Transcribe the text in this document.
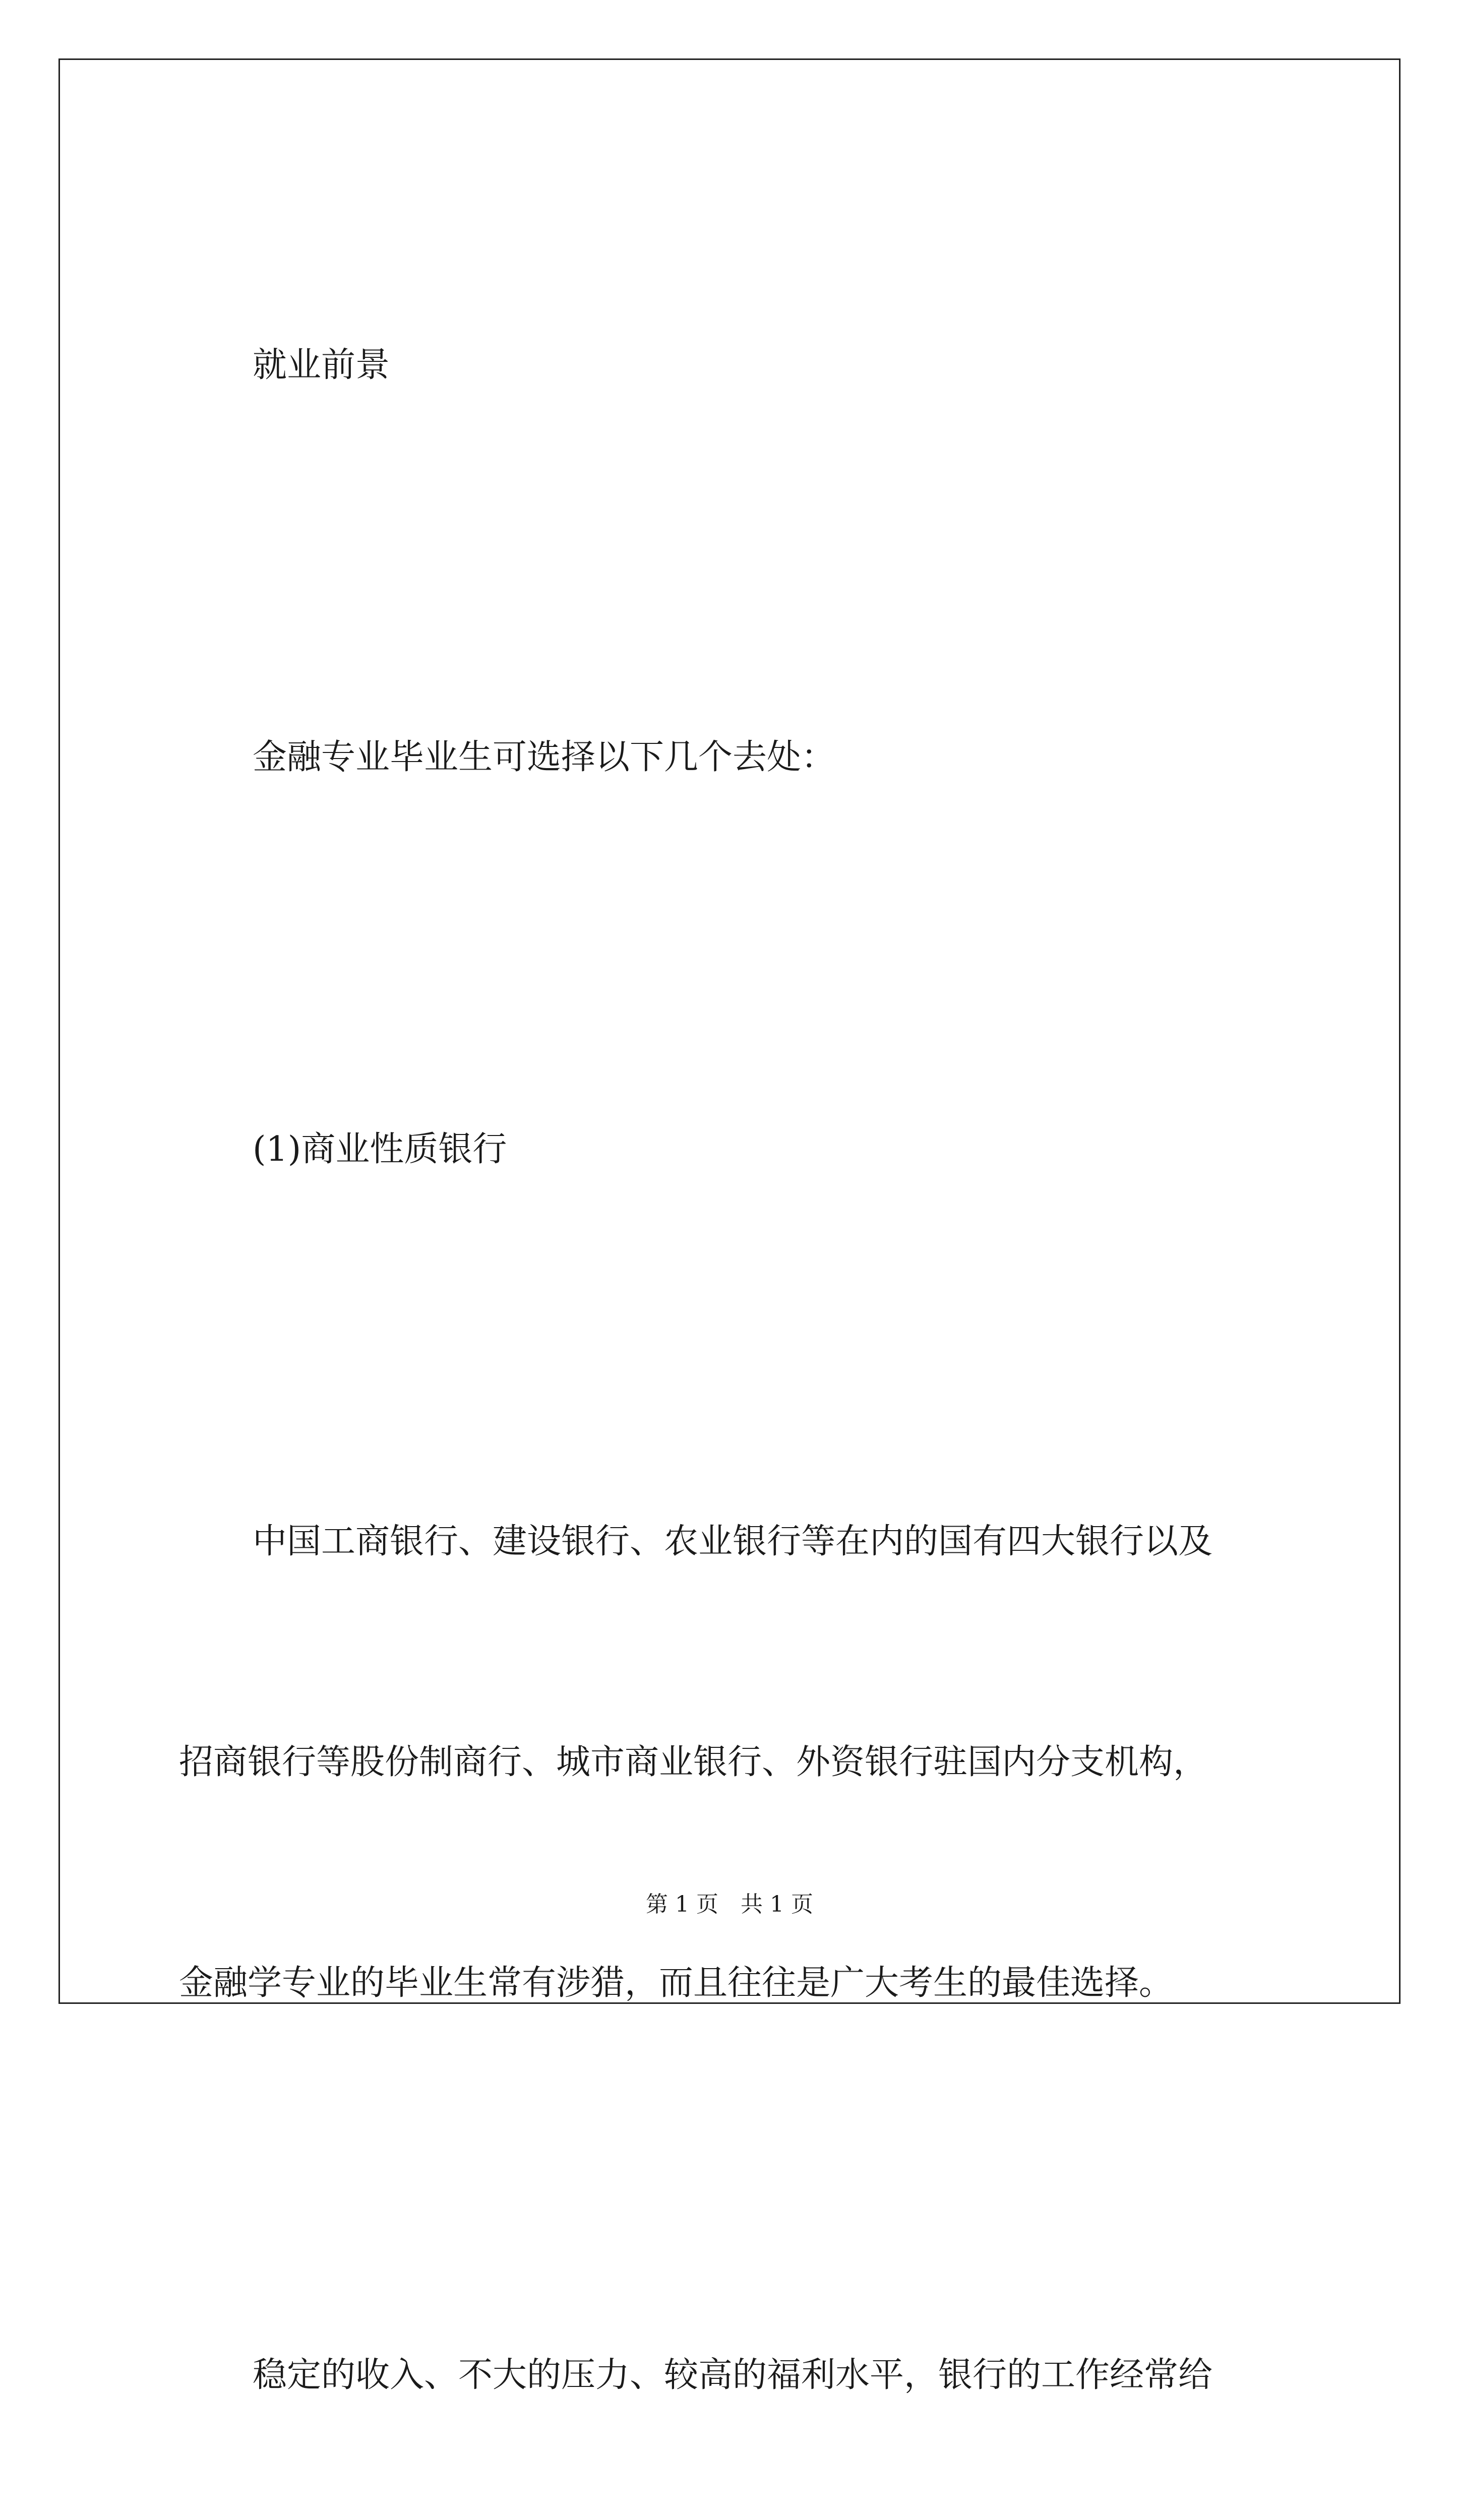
就业前景

金融专业毕业生可选择以下几个去处：

(1)商业性质银行

中国工商银行、建设银行、农业银行等在内的国有四大银行以及

招商银行等股份制商行、城市商业银行、外资银行驻国内分支机构，

金融学专业的毕业生常有涉猎，而且往往是广大考生的最佳选择。

稳定的收入、不大的压力、较高的福利水平，银行的工作经常给

第 1 页　共 1 页
